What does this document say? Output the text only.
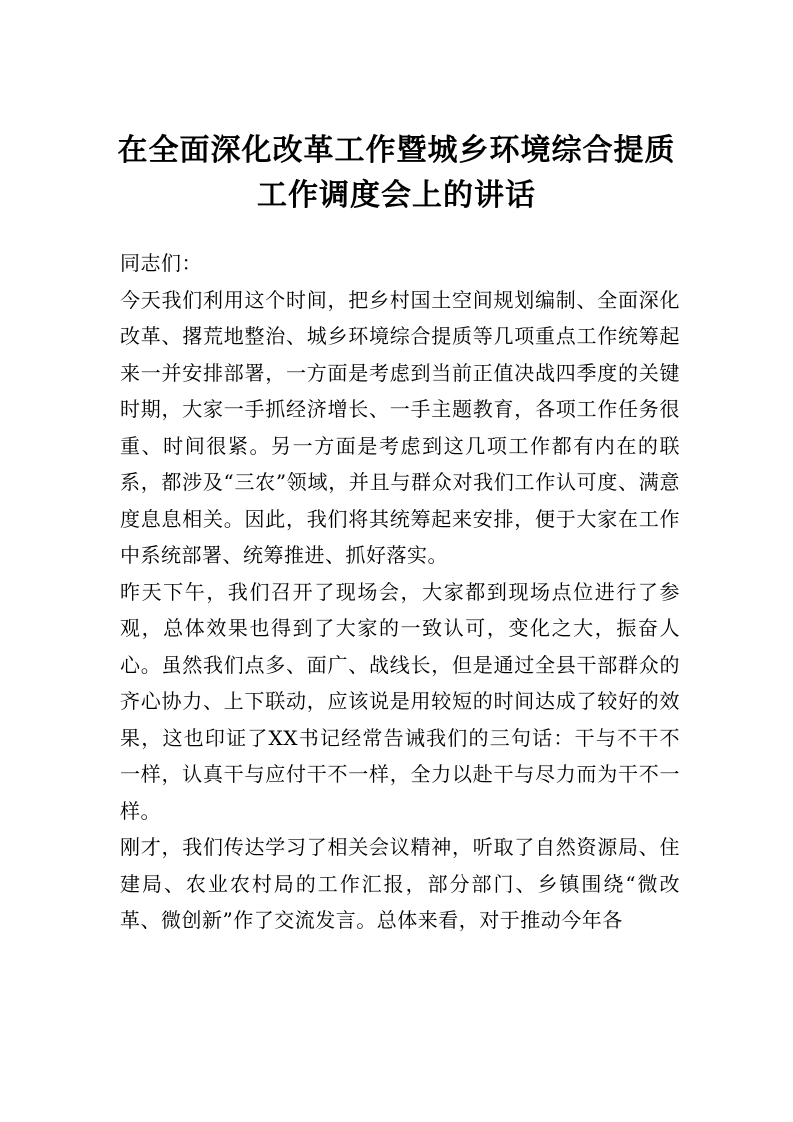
在全面深化改革工作暨城乡环境综合提质
工作调度会上的讲话

同志们：

今天我们利用这个时间，把乡村国土空间规划编制、全面深化改革、撂荒地整治、城乡环境综合提质等几项重点工作统筹起来一并安排部署，一方面是考虑到当前正值决战四季度的关键时期，大家一手抓经济增长、一手主题教育，各项工作任务很重、时间很紧。另一方面是考虑到这几项工作都有内在的联系，都涉及“三农”领域，并且与群众对我们工作认可度、满意度息息相关。因此，我们将其统筹起来安排，便于大家在工作中系统部署、统筹推进、抓好落实。

昨天下午，我们召开了现场会，大家都到现场点位进行了参观，总体效果也得到了大家的一致认可，变化之大，振奋人心。虽然我们点多、面广、战线长，但是通过全县干部群众的齐心协力、上下联动，应该说是用较短的时间达成了较好的效果，这也印证了XX书记经常告诫我们的三句话：干与不干不一样，认真干与应付干不一样，全力以赴干与尽力而为干不一样。

刚才，我们传达学习了相关会议精神，听取了自然资源局、住建局、农业农村局的工作汇报，部分部门、乡镇围绕“微改革、微创新”作了交流发言。总体来看，对于推动今年各
